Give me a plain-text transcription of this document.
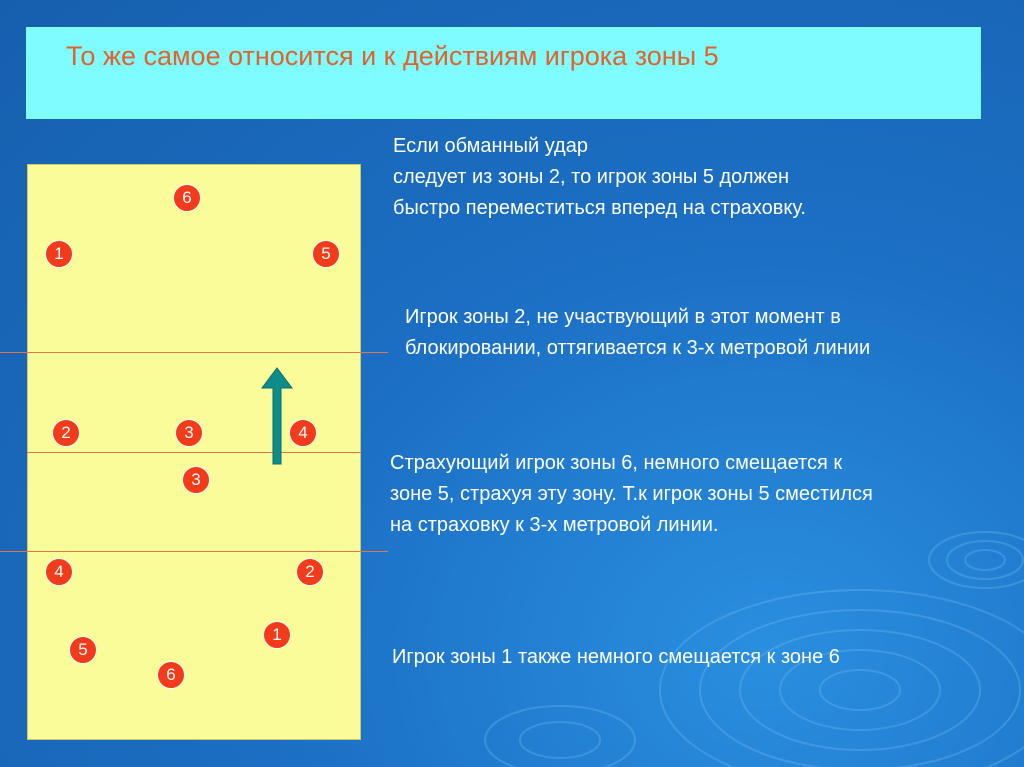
То же самое относится и к действиям игрока зоны 5
6
1	5
2	3	4
3
4	2
1
5
6
Если обманный удар
следует из зоны 2, то игрок зоны 5 должен
быстро переместиться вперед на страховку.
Игрок зоны 2, не участвующий в этот момент в
блокировании, оттягивается к 3-х метровой линии
Страхующий игрок зоны 6, немного смещается к
зоне 5, страхуя эту зону. Т.к игрок зоны 5 сместился
на страховку к 3-х метровой линии.
Игрок зоны 1 также немного смещается к зоне 6
